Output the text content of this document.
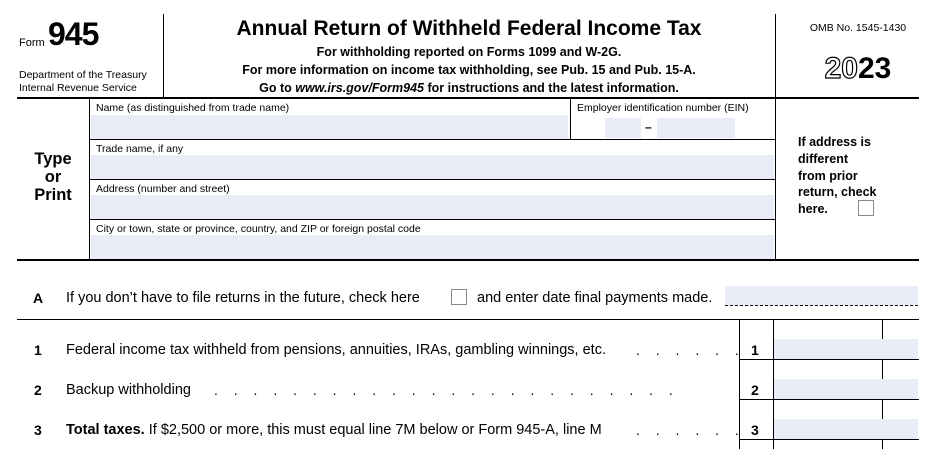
Form 945
Department of the Treasury
Internal Revenue Service
Annual Return of Withheld Federal Income Tax
For withholding reported on Forms 1099 and W-2G.
For more information on income tax withholding, see Pub. 15 and Pub. 15-A.
Go to www.irs.gov/Form945 for instructions and the latest information.
OMB No. 1545-1430
2023
Type
or
Print
Name (as distinguished from trade name)	Employer identification number (EIN)
–
Trade name, if any
Address (number and street)
City or town, state or province, country, and ZIP or foreign postal code
If address is
different
from prior
return, check
here.
A If you don’t have to file returns in the future, check here	and enter date final payments made.
1 Federal income tax withheld from pensions, annuities, IRAs, gambling winnings, etc. . . . . . . 1
2 Backup withholding . . . . . . . . . . . . . . . . . . . . . . . .	2
3 Total taxes. If $2,500 or more, this must equal line 7M below or Form 945-A, line M . . . . . . 3
